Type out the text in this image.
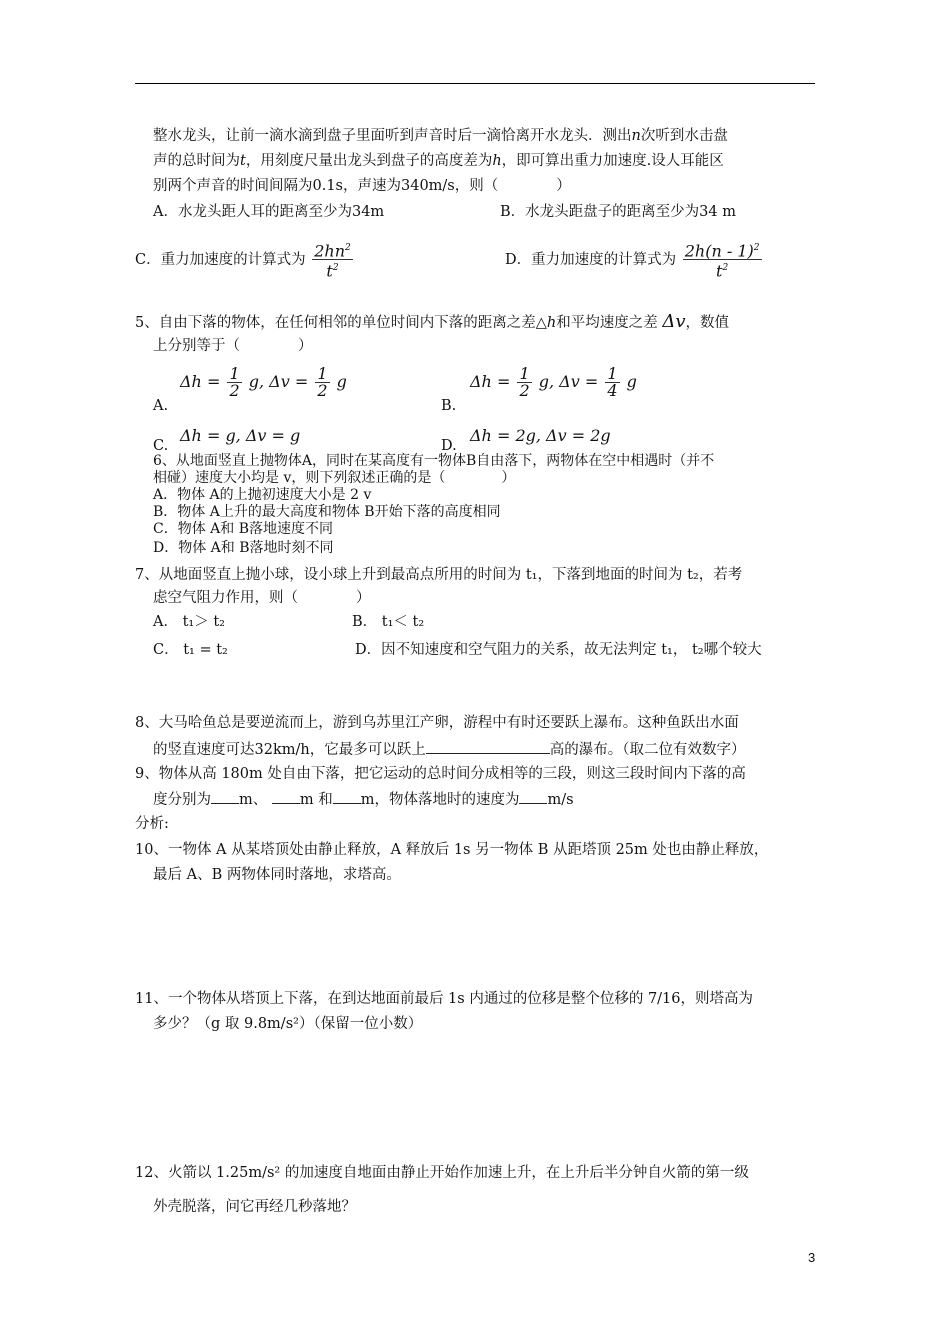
整水龙头，让前一滴水滴到盘子里面听到声音时后一滴恰离开水龙头．测出n次听到水击盘
声的总时间为t，用刻度尺量出龙头到盘子的高度差为h，即可算出重力加速度.设人耳能区
别两个声音的时间间隔为0.1s，声速为340m/s，则（　　　　）
A．水龙头距人耳的距离至少为34m	B．水龙头距盘子的距离至少为34 m
C．重力加速度的计算式为 $\frac{2hn^2}{t^2}$	D．重力加速度的计算式为 $\frac{2h(n - 1)^2}{t^2}$
5、自由下落的物体，在任何相邻的单位时间内下落的距离之差△h和平均速度之差 Δv，数值
上分别等于（　　　　）
A.
$\Delta h = \frac{1}{2} g$, $\Delta v = \frac{1}{2}$ g
B.
$\Delta h = \frac{1}{2} g$, $\Delta v = \frac{1}{4}$ g
C.
Δh = g, Δv = g
D.
Δh = 2g, Δv = 2g
6、从地面竖直上抛物体A，同时在某高度有一物体B自由落下，两物体在空中相遇时（并不
相碰）速度大小均是 v，则下列叙述正确的是（　　　　）
A．物体 A的上抛初速度大小是 2 v
B．物体 A上升的最大高度和物体 B开始下落的高度相同
C．物体 A和 B落地速度不同
D．物体 A和 B落地时刻不同
7、从地面竖直上抛小球，设小球上升到最高点所用的时间为 t₁，下落到地面的时间为 t₂，若考
虑空气阻力作用，则（　　　　）
A． t₁＞ t₂	B． t₁＜ t₂
C． t₁ = t₂	D．因不知速度和空气阻力的关系，故无法判定 t₁， t₂哪个较大
8、大马哈鱼总是要逆流而上，游到乌苏里江产卵，游程中有时还要跃上瀑布。这种鱼跃出水面
的竖直速度可达32km/h，它最多可以跃上	高的瀑布。（取二位有效数字）
9、物体从高 180m 处自由下落，把它运动的总时间分成相等的三段，则这三段时间内下落的高
度分别为 m、 m 和 m，物体落地时的速度为 m/s
分析:
10、一物体 A 从某塔顶处由静止释放，A 释放后 1s 另一物体 B 从距塔顶 25m 处也由静止释放，
最后 A、B 两物体同时落地，求塔高。
11、一个物体从塔顶上下落，在到达地面前最后 1s 内通过的位移是整个位移的 7/16，则塔高为
多少？（g 取 9.8m/s²）（保留一位小数）
12、火箭以 1.25m/s² 的加速度自地面由静止开始作加速上升，在上升后半分钟自火箭的第一级
外壳脱落，问它再经几秒落地？
3
